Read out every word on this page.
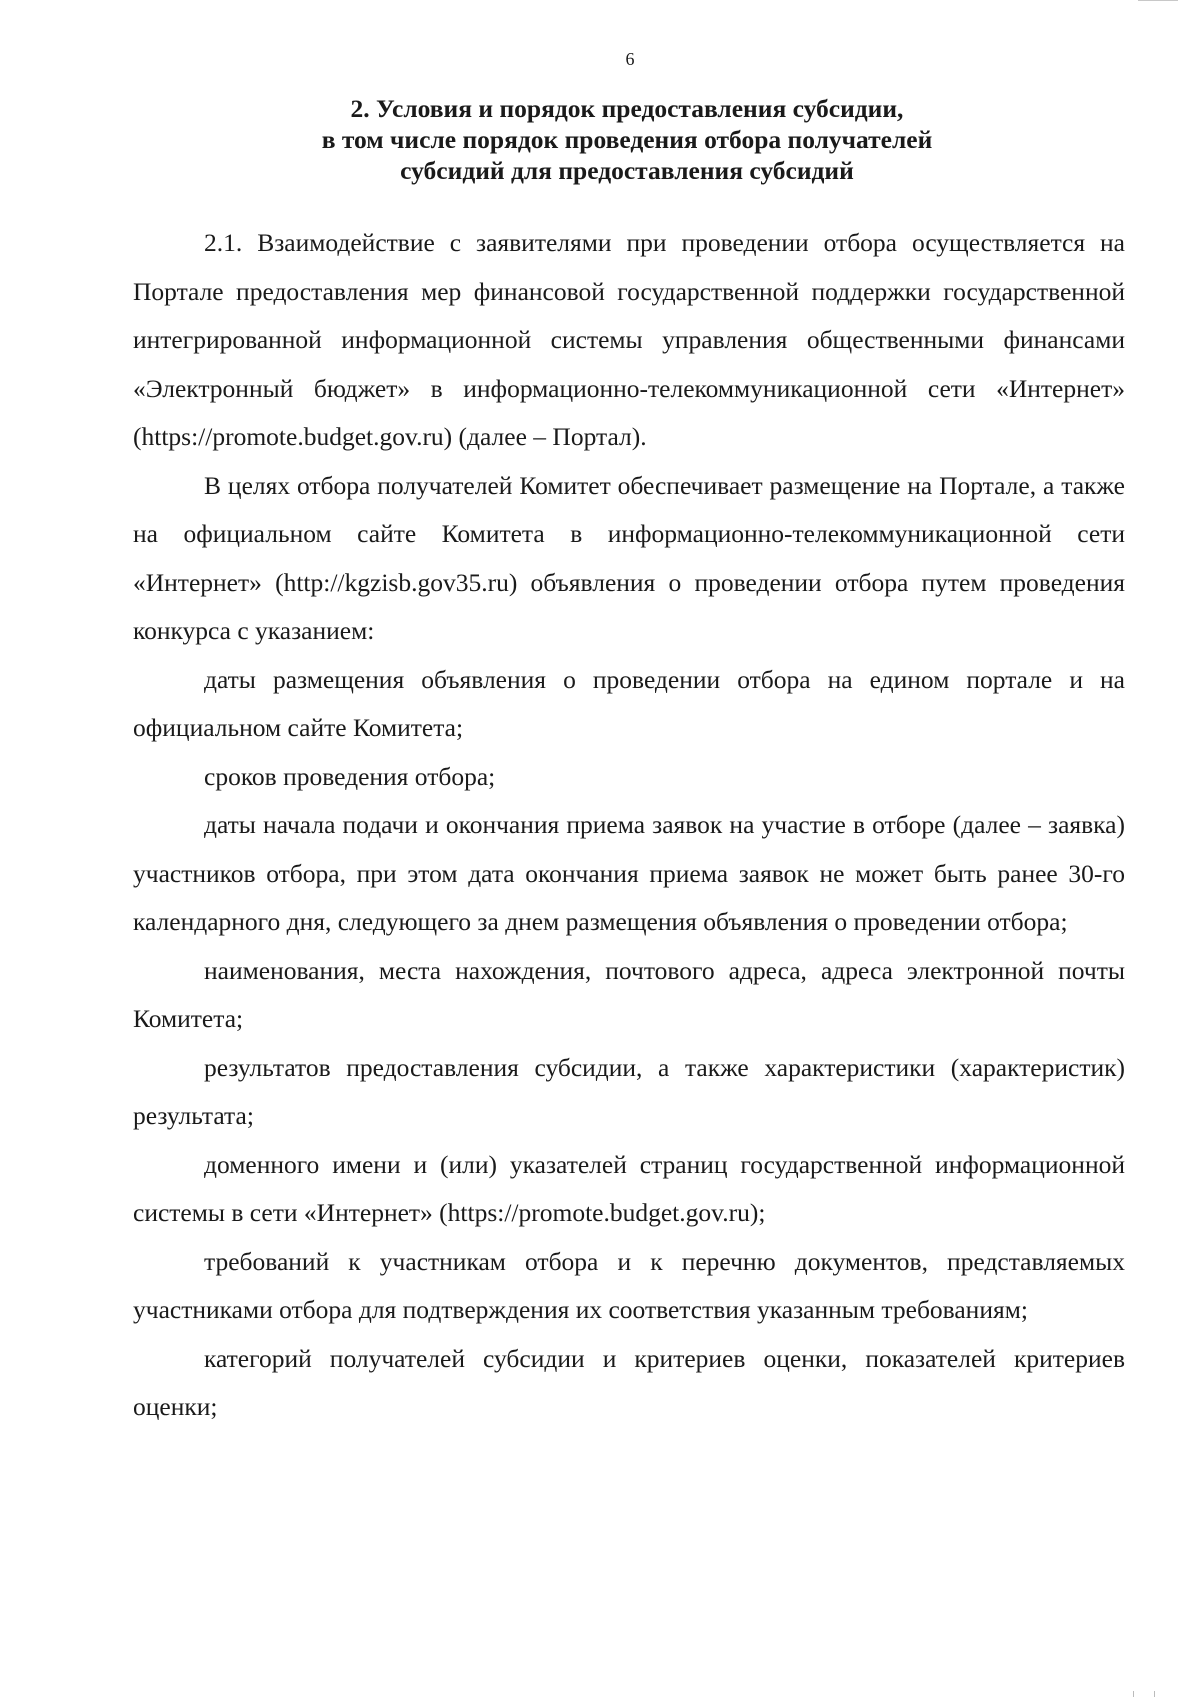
6
2. Условия и порядок предоставления субсидии,
в том числе порядок проведения отбора получателей
субсидий для предоставления субсидий

2.1. Взаимодействие с заявителями при проведении отбора осуществляется на Портале предоставления мер финансовой государственной поддержки государственной интегрированной информационной системы управления общественными финансами «Электронный бюджет» в информационно-телекоммуникационной сети «Интернет» (https://promote.budget.gov.ru) (далее – Портал).

В целях отбора получателей Комитет обеспечивает размещение на Портале, а также на официальном сайте Комитета в информационно-телекоммуникационной сети «Интернет» (http://kgzisb.gov35.ru) объявления о проведении отбора путем проведения конкурса с указанием:

даты размещения объявления о проведении отбора на едином портале и на официальном сайте Комитета;

сроков проведения отбора;

даты начала подачи и окончания приема заявок на участие в отборе (далее – заявка) участников отбора, при этом дата окончания приема заявок не может быть ранее 30-го календарного дня, следующего за днем размещения объявления о проведении отбора;

наименования, места нахождения, почтового адреса, адреса электронной почты Комитета;

результатов предоставления субсидии, а также характеристики (характеристик) результата;

доменного имени и (или) указателей страниц государственной информационной системы в сети «Интернет» (https://promote.budget.gov.ru);

требований к участникам отбора и к перечню документов, представляемых участниками отбора для подтверждения их соответствия указанным требованиям;

категорий получателей субсидии и критериев оценки, показателей критериев оценки;
